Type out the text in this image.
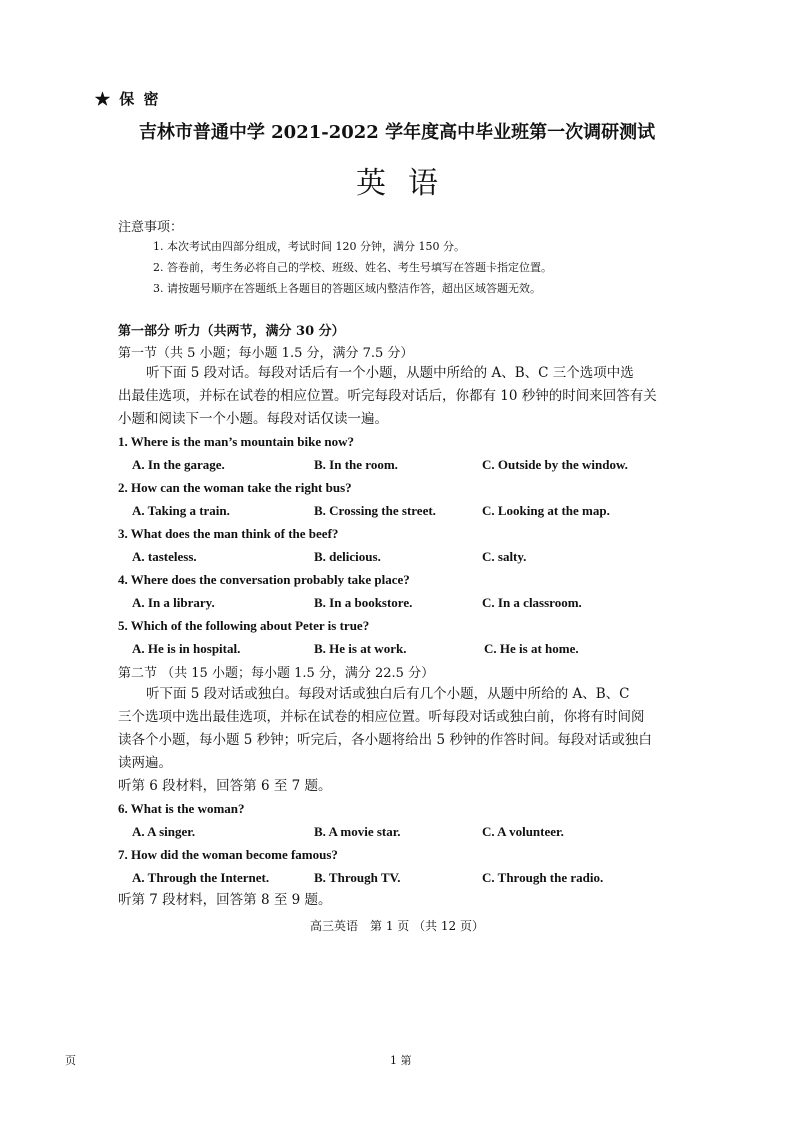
★ 保 密
吉林市普通中学 2021-2022 学年度高中毕业班第一次调研测试
英语
注意事项：
1. 本次考试由四部分组成，考试时间 120 分钟，满分 150 分。
2. 答卷前，考生务必将自己的学校、班级、姓名、考生号填写在答题卡指定位置。
3. 请按题号顺序在答题纸上各题目的答题区域内整洁作答，超出区域答题无效。
第一部分 听力（共两节，满分 30 分）
第一节（共 5 小题；每小题 1.5 分，满分 7.5 分）
听下面 5 段对话。每段对话后有一个小题，从题中所给的 A、B、C 三个选项中选
出最佳选项，并标在试卷的相应位置。听完每段对话后，你都有 10 秒钟的时间来回答有关
小题和阅读下一个小题。每段对话仅读一遍。
1. Where is the man’s mountain bike now?
A. In the garage.	B. In the room.	C. Outside by the window.
2. How can the woman take the right bus?
A. Taking a train.	B. Crossing the street.	C. Looking at the map.
3. What does the man think of the beef?
A. tasteless.	B. delicious.	C. salty.
4. Where does the conversation probably take place?
A. In a library.	B. In a bookstore.	C. In a classroom.
5. Which of the following about Peter is true?
A. He is in hospital.	B. He is at work.	C. He is at home.
第二节 （共 15 小题；每小题 1.5 分，满分 22.5 分）
听下面 5 段对话或独白。每段对话或独白后有几个小题，从题中所给的 A、B、C
三个选项中选出最佳选项，并标在试卷的相应位置。听每段对话或独白前，你将有时间阅
读各个小题，每小题 5 秒钟；听完后，各小题将给出 5 秒钟的作答时间。每段对话或独白
读两遍。
听第 6 段材料，回答第 6 至 7 题。
6. What is the woman?
A. A singer.	B. A movie star.	C. A volunteer.
7. How did the woman become famous?
A. Through the Internet.	B. Through TV.	C. Through the radio.
听第 7 段材料，回答第 8 至 9 题。
高三英语　第 1 页 （共 12 页）
页	1 第
